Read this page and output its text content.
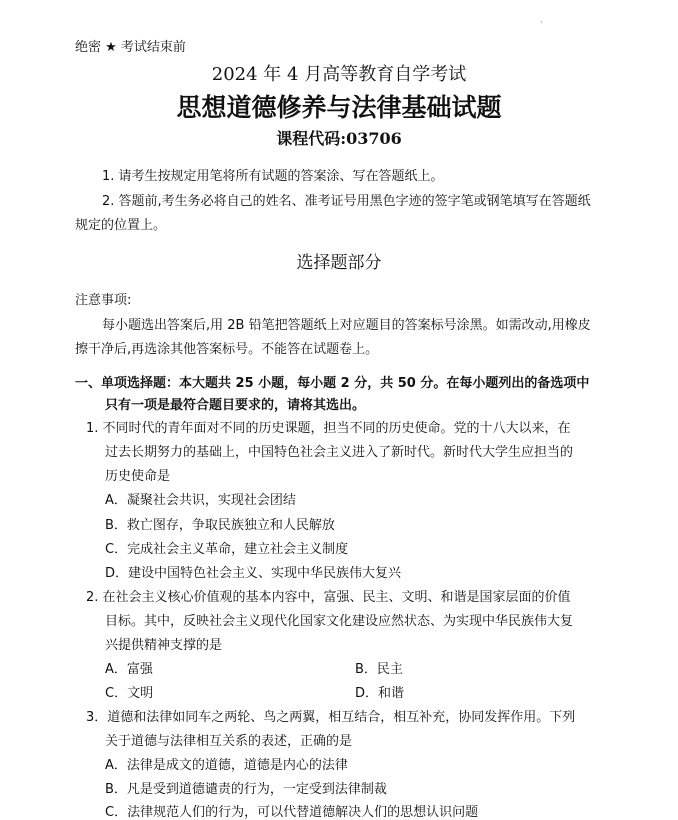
、
绝密 ★ 考试结束前
2024 年 4 月高等教育自学考试
思想道德修养与法律基础试题
课程代码:03706
1. 请考生按规定用笔将所有试题的答案涂、写在答题纸上。
2. 答题前,考生务必将自己的姓名、准考证号用黑色字迹的签字笔或钢笔填写在答题纸
规定的位置上。
选择题部分
注意事项:
每小题选出答案后,用 2B 铅笔把答题纸上对应题目的答案标号涂黑。如需改动,用橡皮
擦干净后,再选涂其他答案标号。不能答在试题卷上。
一、单项选择题：本大题共 25 小题，每小题 2 分，共 50 分。在每小题列出的备选项中
只有一项是最符合题目要求的，请将其选出。
1. 不同时代的青年面对不同的历史课题，担当不同的历史使命。党的十八大以来，在
过去长期努力的基础上，中国特色社会主义进入了新时代。新时代大学生应担当的
历史使命是
A．凝聚社会共识，实现社会团结
B．救亡图存，争取民族独立和人民解放
C．完成社会主义革命，建立社会主义制度
D．建设中国特色社会主义、实现中华民族伟大复兴
2. 在社会主义核心价值观的基本内容中，富强、民主、文明、和谐是国家层面的价值
目标。其中，反映社会主义现代化国家文化建设应然状态、为实现中华民族伟大复
兴提供精神支撑的是
A．富强	B．民主
C．文明	D．和谐
3．道德和法律如同车之两轮、鸟之两翼，相互结合，相互补充，协同发挥作用。下列
关于道德与法律相互关系的表述，正确的是
A．法律是成文的道德，道德是内心的法律
B．凡是受到道德谴责的行为，一定受到法律制裁
C．法律规范人们的行为，可以代替道德解决人们的思想认识问题
